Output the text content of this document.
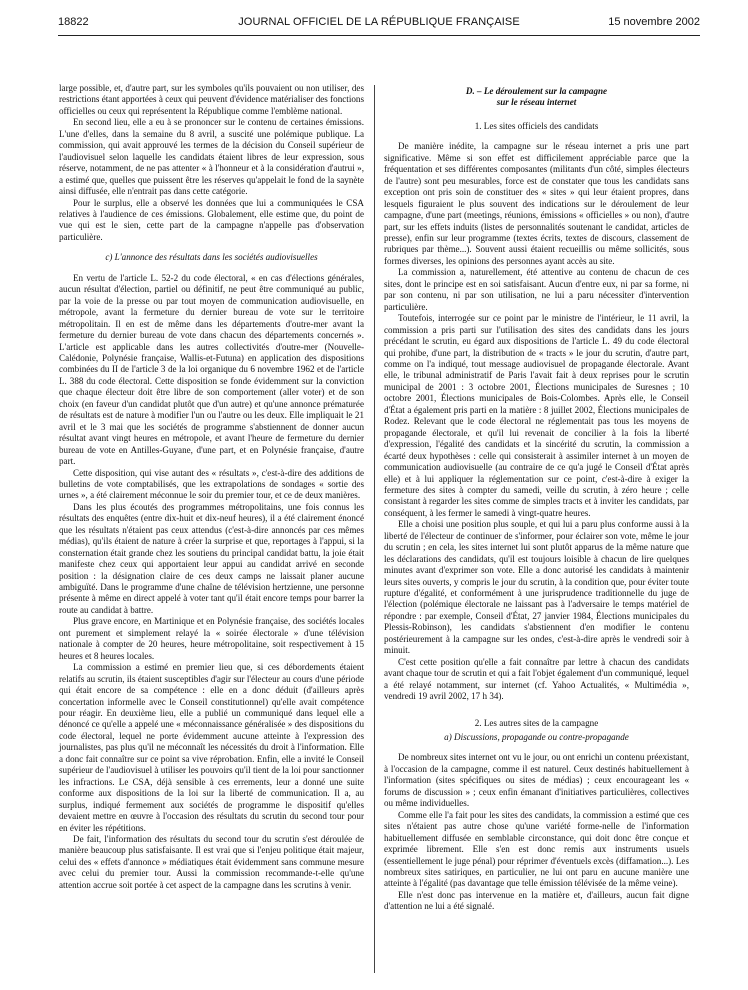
18822	JOURNAL OFFICIEL DE LA RÉPUBLIQUE FRANÇAISE	15 novembre 2002

large possible, et, d'autre part, sur les symboles qu'ils pouvaient ou non utiliser, des restrictions étant apportées à ceux qui peuvent d'évidence matérialiser des fonctions officielles ou ceux qui représentent la République comme l'emblème national.

En second lieu, elle a eu à se prononcer sur le contenu de certaines émissions. L'une d'elles, dans la semaine du 8 avril, a suscité une polémique publique. La commission, qui avait approuvé les termes de la décision du Conseil supérieur de l'audiovisuel selon laquelle les candidats étaient libres de leur expression, sous réserve, notamment, de ne pas attenter « à l'honneur et à la considération d'autrui », a estimé que, quelles que puissent être les réserves qu'appelait le fond de la saynète ainsi diffusée, elle n'entrait pas dans cette catégorie.

Pour le surplus, elle a observé les données que lui a communiquées le CSA relatives à l'audience de ces émissions. Globalement, elle estime que, du point de vue qui est le sien, cette part de la campagne n'appelle pas d'observation particulière.

c) L'annonce des résultats dans les sociétés audiovisuelles

En vertu de l'article L. 52-2 du code électoral, « en cas d'élections générales, aucun résultat d'élection, partiel ou définitif, ne peut être communiqué au public, par la voie de la presse ou par tout moyen de communication audiovisuelle, en métropole, avant la fermeture du dernier bureau de vote sur le territoire métropolitain. Il en est de même dans les départements d'outre-mer avant la fermeture du dernier bureau de vote dans chacun des départements concernés ». L'article est applicable dans les autres collectivités d'outre-mer (Nouvelle-Calédonie, Polynésie française, Wallis-et-Futuna) en application des dispositions combinées du II de l'article 3 de la loi organique du 6 novembre 1962 et de l'article L. 388 du code électoral. Cette disposition se fonde évidemment sur la conviction que chaque électeur doit être libre de son comportement (aller voter) et de son choix (en faveur d'un candidat plutôt que d'un autre) et qu'une annonce prématurée de résultats est de nature à modifier l'un ou l'autre ou les deux. Elle impliquait le 21 avril et le 3 mai que les sociétés de programme s'abstiennent de donner aucun résultat avant vingt heures en métropole, et avant l'heure de fermeture du dernier bureau de vote en Antilles-Guyane, d'une part, et en Polynésie française, d'autre part.

Cette disposition, qui vise autant des « résultats », c'est-à-dire des additions de bulletins de vote comptabilisés, que les extrapolations de sondages « sortie des urnes », a été clairement méconnue le soir du premier tour, et ce de deux manières.

Dans les plus écoutés des programmes métropolitains, une fois connus les résultats des enquêtes (entre dix-huit et dix-neuf heures), il a été clairement énoncé que les résultats n'étaient pas ceux attendus (c'est-à-dire annoncés par ces mêmes médias), qu'ils étaient de nature à créer la surprise et que, reportages à l'appui, si la consternation était grande chez les soutiens du principal candidat battu, la joie était manifeste chez ceux qui apportaient leur appui au candidat arrivé en seconde position : la désignation claire de ces deux camps ne laissait planer aucune ambiguïté. Dans le programme d'une chaîne de télévision hertzienne, une personne présente à même en direct appelé à voter tant qu'il était encore temps pour barrer la route au candidat à battre.

Plus grave encore, en Martinique et en Polynésie française, des sociétés locales ont purement et simplement relayé la « soirée électorale » d'une télévision nationale à compter de 20 heures, heure métropolitaine, soit respectivement à 15 heures et 8 heures locales.

La commission a estimé en premier lieu que, si ces débordements étaient relatifs au scrutin, ils étaient susceptibles d'agir sur l'électeur au cours d'une période qui était encore de sa compétence : elle en a donc déduit (d'ailleurs après concertation informelle avec le Conseil constitutionnel) qu'elle avait compétence pour réagir. En deuxième lieu, elle a publié un communiqué dans lequel elle a dénoncé ce qu'elle a appelé une « méconnaissance généralisée » des dispositions du code électoral, lequel ne porte évidemment aucune atteinte à l'expression des journalistes, pas plus qu'il ne méconnaît les nécessités du droit à l'information. Elle a donc fait connaître sur ce point sa vive réprobation. Enfin, elle a invité le Conseil supérieur de l'audiovisuel à utiliser les pouvoirs qu'il tient de la loi pour sanctionner les infractions. Le CSA, déjà sensible à ces errements, leur a donné une suite conforme aux dispositions de la loi sur la liberté de communication. Il a, au surplus, indiqué fermement aux sociétés de programme le dispositif qu'elles devaient mettre en œuvre à l'occasion des résultats du scrutin du second tour pour en éviter les répétitions.

De fait, l'information des résultats du second tour du scrutin s'est déroulée de manière beaucoup plus satisfaisante. Il est vrai que si l'enjeu politique était majeur, celui des « effets d'annonce » médiatiques était évidemment sans commune mesure avec celui du premier tour. Aussi la commission recommande-t-elle qu'une attention accrue soit portée à cet aspect de la campagne dans les scrutins à venir.

D. – Le déroulement sur la campagne
sur le réseau internet

1. Les sites officiels des candidats

De manière inédite, la campagne sur le réseau internet a pris une part significative. Même si son effet est difficilement appréciable parce que la fréquentation et ses différentes composantes (militants d'un côté, simples électeurs de l'autre) sont peu mesurables, force est de constater que tous les candidats sans exception ont pris soin de constituer des « sites » qui leur étaient propres, dans lesquels figuraient le plus souvent des indications sur le déroulement de leur campagne, d'une part (meetings, réunions, émissions « officielles » ou non), d'autre part, sur les effets induits (listes de personnalités soutenant le candidat, articles de presse), enfin sur leur programme (textes écrits, textes de discours, classement de rubriques par thème...). Souvent aussi étaient recueillis ou même sollicités, sous formes diverses, les opinions des personnes ayant accès au site.

La commission a, naturellement, été attentive au contenu de chacun de ces sites, dont le principe est en soi satisfaisant. Aucun d'entre eux, ni par sa forme, ni par son contenu, ni par son utilisation, ne lui a paru nécessiter d'intervention particulière.

Toutefois, interrogée sur ce point par le ministre de l'intérieur, le 11 avril, la commission a pris parti sur l'utilisation des sites des candidats dans les jours précédant le scrutin, eu égard aux dispositions de l'article L. 49 du code électoral qui prohibe, d'une part, la distribution de « tracts » le jour du scrutin, d'autre part, comme on l'a indiqué, tout message audiovisuel de propagande électorale. Avant elle, le tribunal administratif de Paris l'avait fait à deux reprises pour le scrutin municipal de 2001 : 3 octobre 2001, Élections municipales de Suresnes ; 10 octobre 2001, Élections municipales de Bois-Colombes. Après elle, le Conseil d'État a également pris parti en la matière : 8 juillet 2002, Élections municipales de Rodez. Relevant que le code électoral ne réglementait pas tous les moyens de propagande électorale, et qu'il lui revenait de concilier à la fois la liberté d'expression, l'égalité des candidats et la sincérité du scrutin, la commission a écarté deux hypothèses : celle qui consisterait à assimiler internet à un moyen de communication audiovisuelle (au contraire de ce qu'a jugé le Conseil d'État après elle) et à lui appliquer la réglementation sur ce point, c'est-à-dire à exiger la fermeture des sites à compter du samedi, veille du scrutin, à zéro heure ; celle consistant à regarder les sites comme de simples tracts et à inviter les candidats, par conséquent, à les fermer le samedi à vingt-quatre heures.

Elle a choisi une position plus souple, et qui lui a paru plus conforme aussi à la liberté de l'électeur de continuer de s'informer, pour éclairer son vote, même le jour du scrutin ; en cela, les sites internet lui sont plutôt apparus de la même nature que les déclarations des candidats, qu'il est toujours loisible à chacun de lire quelques minutes avant d'exprimer son vote. Elle a donc autorisé les candidats à maintenir leurs sites ouverts, y compris le jour du scrutin, à la condition que, pour éviter toute rupture d'égalité, et conformément à une jurisprudence traditionnelle du juge de l'élection (polémique électorale ne laissant pas à l'adversaire le temps matériel de répondre : par exemple, Conseil d'État, 27 janvier 1984, Élections municipales du Plessis-Robinson), les candidats s'abstiennent d'en modifier le contenu postérieurement à la campagne sur les ondes, c'est-à-dire après le vendredi soir à minuit.

C'est cette position qu'elle a fait connaître par lettre à chacun des candidats avant chaque tour de scrutin et qui a fait l'objet également d'un communiqué, lequel a été relayé notamment, sur internet (cf. Yahoo Actualités, « Multimédia », vendredi 19 avril 2002, 17 h 34).

2. Les autres sites de la campagne

a) Discussions, propagande ou contre-propagande

De nombreux sites internet ont vu le jour, ou ont enrichi un contenu préexistant, à l'occasion de la campagne, comme il est naturel. Ceux destinés habituellement à l'information (sites spécifiques ou sites de médias) ; ceux encourageant les « forums de discussion » ; ceux enfin émanant d'initiatives particulières, collectives ou même individuelles.

Comme elle l'a fait pour les sites des candidats, la commission a estimé que ces sites n'étaient pas autre chose qu'une variété forme-nelle de l'information habituellement diffusée en semblable circonstance, qui doit donc être conçue et exprimée librement. Elle s'en est donc remis aux instruments usuels (essentiellement le juge pénal) pour réprimer d'éventuels excès (diffamation...). Les nombreux sites satiriques, en particulier, ne lui ont paru en aucune manière une atteinte à l'égalité (pas davantage que telle émission télévisée de la même veine).

Elle n'est donc pas intervenue en la matière et, d'ailleurs, aucun fait digne d'attention ne lui a été signalé.
